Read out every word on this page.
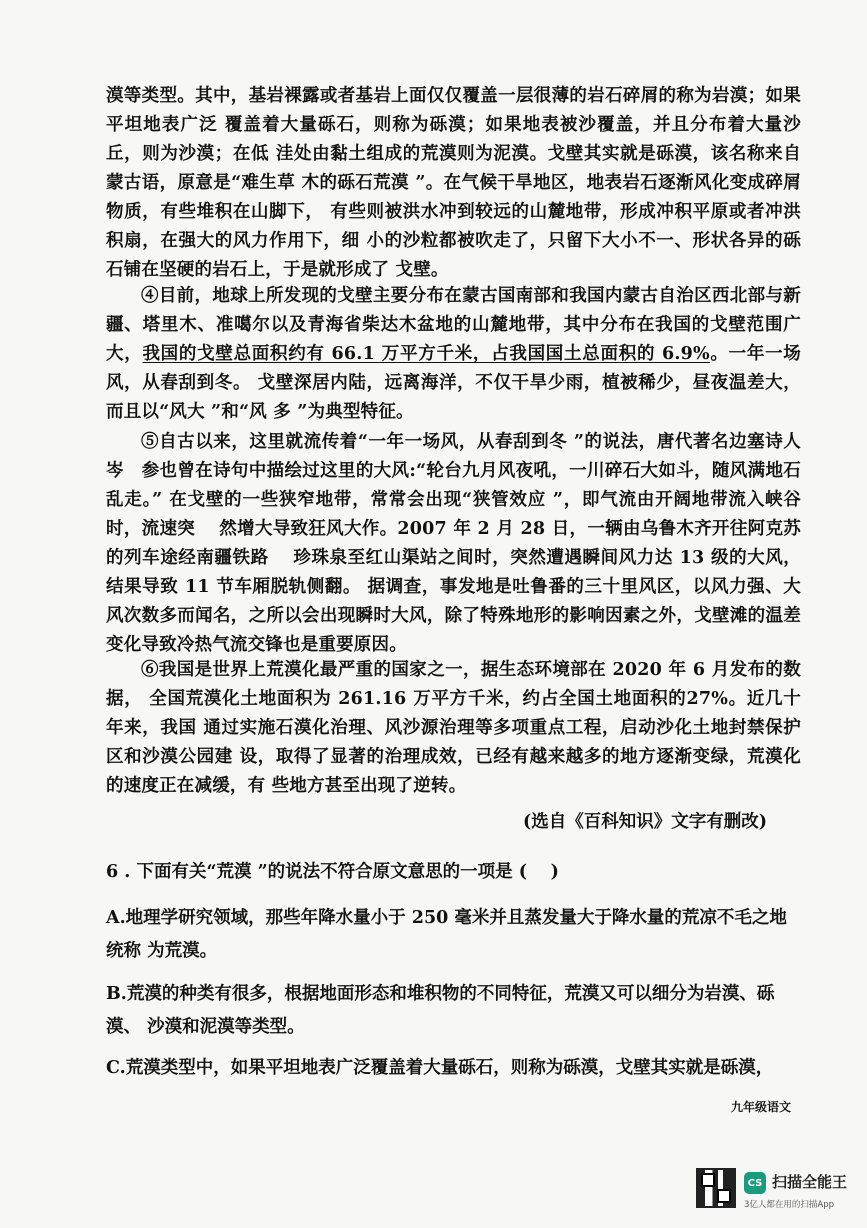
漠等类型。其中，基岩裸露或者基岩上面仅仅覆盖一层很薄的岩石碎屑的称为岩漠；如果平坦地表广泛 覆盖着大量砾石，则称为砾漠；如果地表被沙覆盖，并且分布着大量沙丘，则为沙漠；在低 洼处由黏土组成的荒漠则为泥漠。戈壁其实就是砾漠，该名称来自蒙古语，原意是“难生草 木的砾石荒漠 ”。在气候干旱地区，地表岩石逐渐风化变成碎屑物质，有些堆积在山脚下， 有些则被洪水冲到较远的山麓地带，形成冲积平原或者冲洪积扇，在强大的风力作用下，细 小的沙粒都被吹走了，只留下大小不一、形状各异的砾石铺在坚硬的岩石上，于是就形成了 戈壁。

④目前，地球上所发现的戈壁主要分布在蒙古国南部和我国内蒙古自治区西北部与新疆、塔里木、准噶尔以及青海省柴达木盆地的山麓地带，其中分布在我国的戈壁范围广大，我国的戈壁总面积约有 66.1 万平方千米，占我国国土总面积的 6.9%。一年一场风，从春刮到冬。 戈壁深居内陆，远离海洋，不仅干旱少雨，植被稀少，昼夜温差大，而且以“风大 ”和“风 多 ”为典型特征。

⑤自古以来，这里就流传着“一年一场风，从春刮到冬 ”的说法，唐代著名边塞诗人岑　参也曾在诗句中描绘过这里的大风:“轮台九月风夜吼，一川碎石大如斗，随风满地石乱走。” 在戈壁的一些狭窄地带，常常会出现“狭管效应 ”，即气流由开阔地带流入峡谷时，流速突　 然增大导致狂风大作。2007 年 2 月 28 日，一辆由乌鲁木齐开往阿克苏的列车途经南疆铁路　 珍珠泉至红山渠站之间时，突然遭遇瞬间风力达 13 级的大风，结果导致 11 节车厢脱轨侧翻。 据调查，事发地是吐鲁番的三十里风区，以风力强、大风次数多而闻名，之所以会出现瞬时大风，除了特殊地形的影响因素之外，戈壁滩的温差变化导致冷热气流交锋也是重要原因。

⑥我国是世界上荒漠化最严重的国家之一，据生态环境部在 2020 年 6 月发布的数据， 全国荒漠化土地面积为 261.16 万平方千米，约占全国土地面积的27%。近几十年来，我国 通过实施石漠化治理、风沙源治理等多项重点工程，启动沙化土地封禁保护区和沙漠公园建 设，取得了显著的治理成效，已经有越来越多的地方逐渐变绿，荒漠化的速度正在减缓，有 些地方甚至出现了逆转。

(选自《百科知识》文字有删改)
6 . 下面有关“荒漠 ”的说法不符合原文意思的一项是 (　 )

A.地理学研究领域，那些年降水量小于 250 毫米并且蒸发量大于降水量的荒凉不毛之地统称 为荒漠。

B.荒漠的种类有很多，根据地面形态和堆积物的不同特征，荒漠又可以细分为岩漠、砾漠、 沙漠和泥漠等类型。

C.荒漠类型中，如果平坦地表广泛覆盖着大量砾石，则称为砾漠，戈壁其实就是砾漠，

九年级语文
CS 扫描全能王
3亿人都在用的扫描App
